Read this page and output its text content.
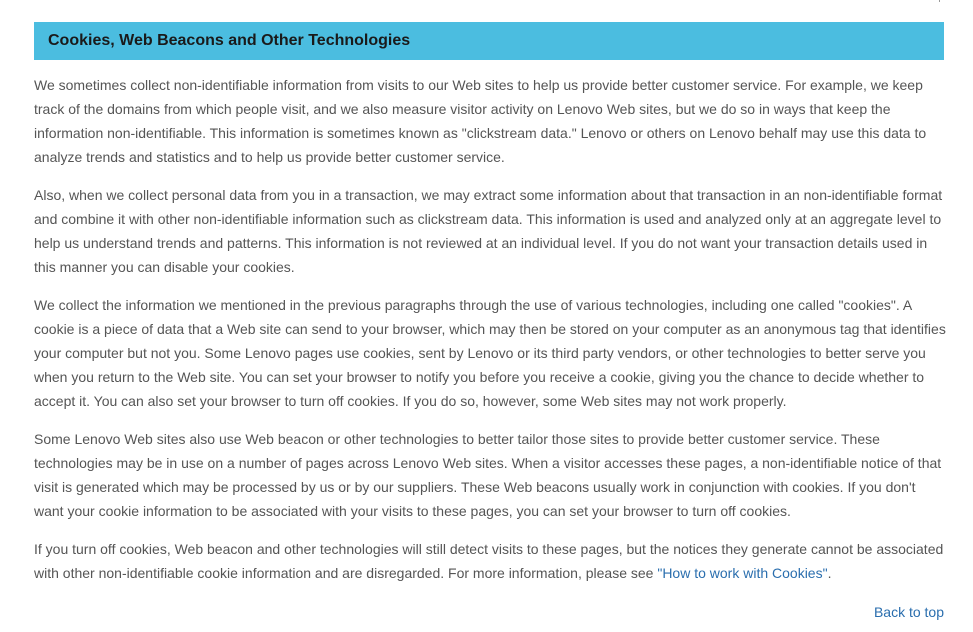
Cookies, Web Beacons and Other Technologies

We sometimes collect non-identifiable information from visits to our Web sites to help us provide better customer service. For example, we keep track of the domains from which people visit, and we also measure visitor activity on Lenovo Web sites, but we do so in ways that keep the information non-identifiable. This information is sometimes known as "clickstream data." Lenovo or others on Lenovo behalf may use this data to analyze trends and statistics and to help us provide better customer service.

Also, when we collect personal data from you in a transaction, we may extract some information about that transaction in an non-identifiable format and combine it with other non-identifiable information such as clickstream data. This information is used and analyzed only at an aggregate level to help us understand trends and patterns. This information is not reviewed at an individual level. If you do not want your transaction details used in this manner you can disable your cookies.

We collect the information we mentioned in the previous paragraphs through the use of various technologies, including one called "cookies". A cookie is a piece of data that a Web site can send to your browser, which may then be stored on your computer as an anonymous tag that identifies your computer but not you. Some Lenovo pages use cookies, sent by Lenovo or its third party vendors, or other technologies to better serve you when you return to the Web site. You can set your browser to notify you before you receive a cookie, giving you the chance to decide whether to accept it. You can also set your browser to turn off cookies. If you do so, however, some Web sites may not work properly.

Some Lenovo Web sites also use Web beacon or other technologies to better tailor those sites to provide better customer service. These technologies may be in use on a number of pages across Lenovo Web sites. When a visitor accesses these pages, a non-identifiable notice of that visit is generated which may be processed by us or by our suppliers. These Web beacons usually work in conjunction with cookies. If you don't want your cookie information to be associated with your visits to these pages, you can set your browser to turn off cookies.

If you turn off cookies, Web beacon and other technologies will still detect visits to these pages, but the notices they generate cannot be associated with other non-identifiable cookie information and are disregarded. For more information, please see "How to work with Cookies".

Back to top
